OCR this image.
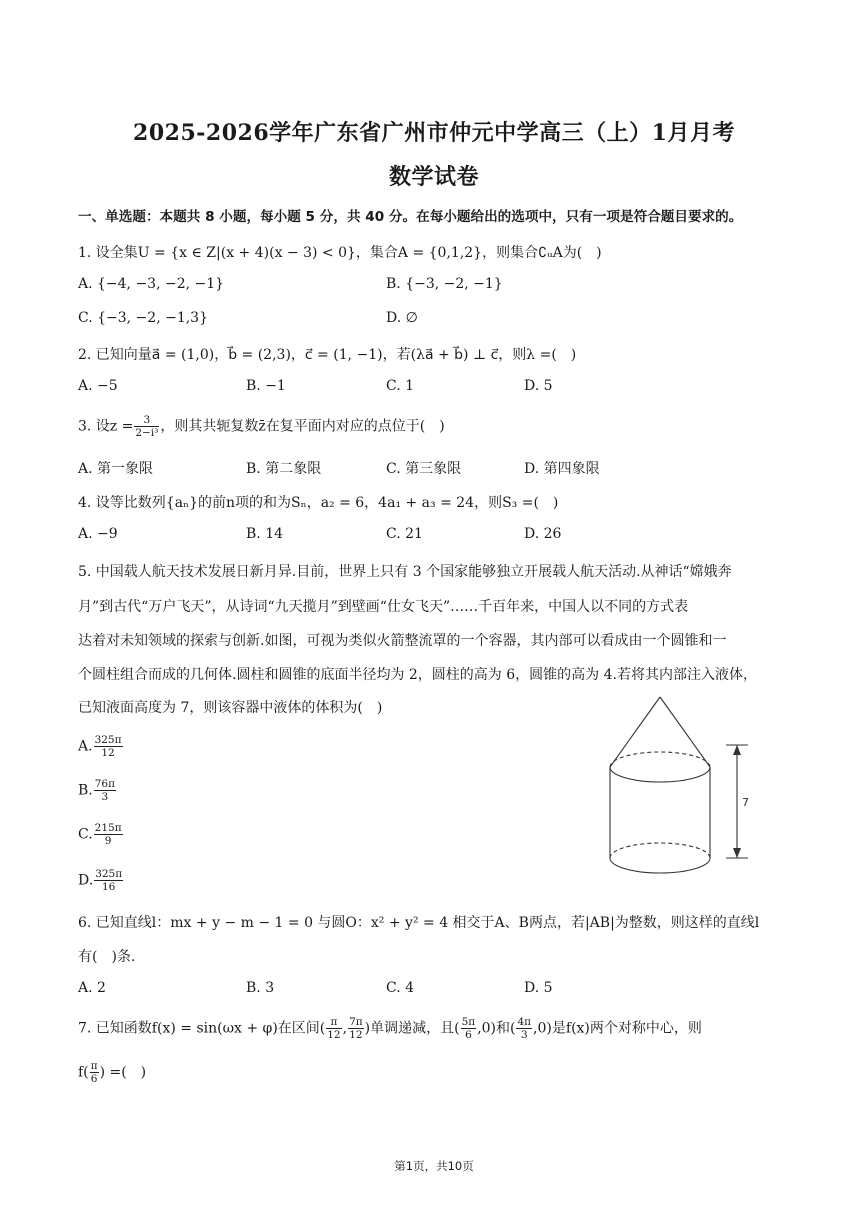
2025-2026学年广东省广州市仲元中学高三（上）1月月考
数学试卷
一、单选题：本题共 8 小题，每小题 5 分，共 40 分。在每小题给出的选项中，只有一项是符合题目要求的。
1. 设全集U = {x ∈ Z|(x + 4)(x − 3) < 0}，集合A = {0,1,2}，则集合∁ᵤA为(　)
A. {−4, −3, −2, −1}	B. {−3, −2, −1}
C. {−3, −2, −1,3}	D. ∅
2. 已知向量a⃗ = (1,0)，b⃗ = (2,3)，c⃗ = (1, −1)，若(λa⃗ + b⃗) ⊥ c⃗，则λ =(　)
A. −5	B. −1	C. 1	D. 5
3. 设$z = \frac{3}{\text{2−i³}}$ ，则其共轭复数z̄在复平面内对应的点位于(　)
A. 第一象限	B. 第二象限	C. 第三象限	D. 第四象限
4. 设等比数列{aₙ}的前n项的和为Sₙ，a₂ = 6，4a₁ + a₃ = 24，则S₃ =(　)
A. −9	B. 14	C. 21	D. 26
5. 中国载人航天技术发展日新月异.目前，世界上只有 3 个国家能够独立开展载人航天活动.从神话“嫦娥奔
月”到古代“万户飞天”，从诗词“九天揽月”到壁画“仕女飞天”……千百年来，中国人以不同的方式表
达着对未知领域的探索与创新.如图，可视为类似火箭整流罩的一个容器，其内部可以看成由一个圆锥和一
个圆柱组合而成的几何体.圆柱和圆锥的底面半径均为 2，圆柱的高为 6，圆锥的高为 4.若将其内部注入液体，
已知液面高度为 7，则该容器中液体的体积为(　)
A. $\frac{325\pi}{12}$
B. $\frac{76\pi}{3}$
C. $\frac{215\pi}{9}$
D. $\frac{325\pi}{16}$
7
6. 已知直线l：mx + y − m − 1 = 0 与圆O：x² + y² = 4 相交于A、B两点，若|AB|为整数，则这样的直线l
有(　)条.
A. 2	B. 3	C. 4	D. 5
7. 已知函数f(x) = sin(ωx + φ)在区间( $\frac{\pi}{12}$ , $\frac{7\pi}{12}$ )单调递减，且( $\frac{5\pi}{6} ,0$)和( $\frac{4\pi}{3} ,0$)是f(x)两个对称中心，则
$f( \frac{\pi}{6}$ ) =(　)
第1页，共10页
